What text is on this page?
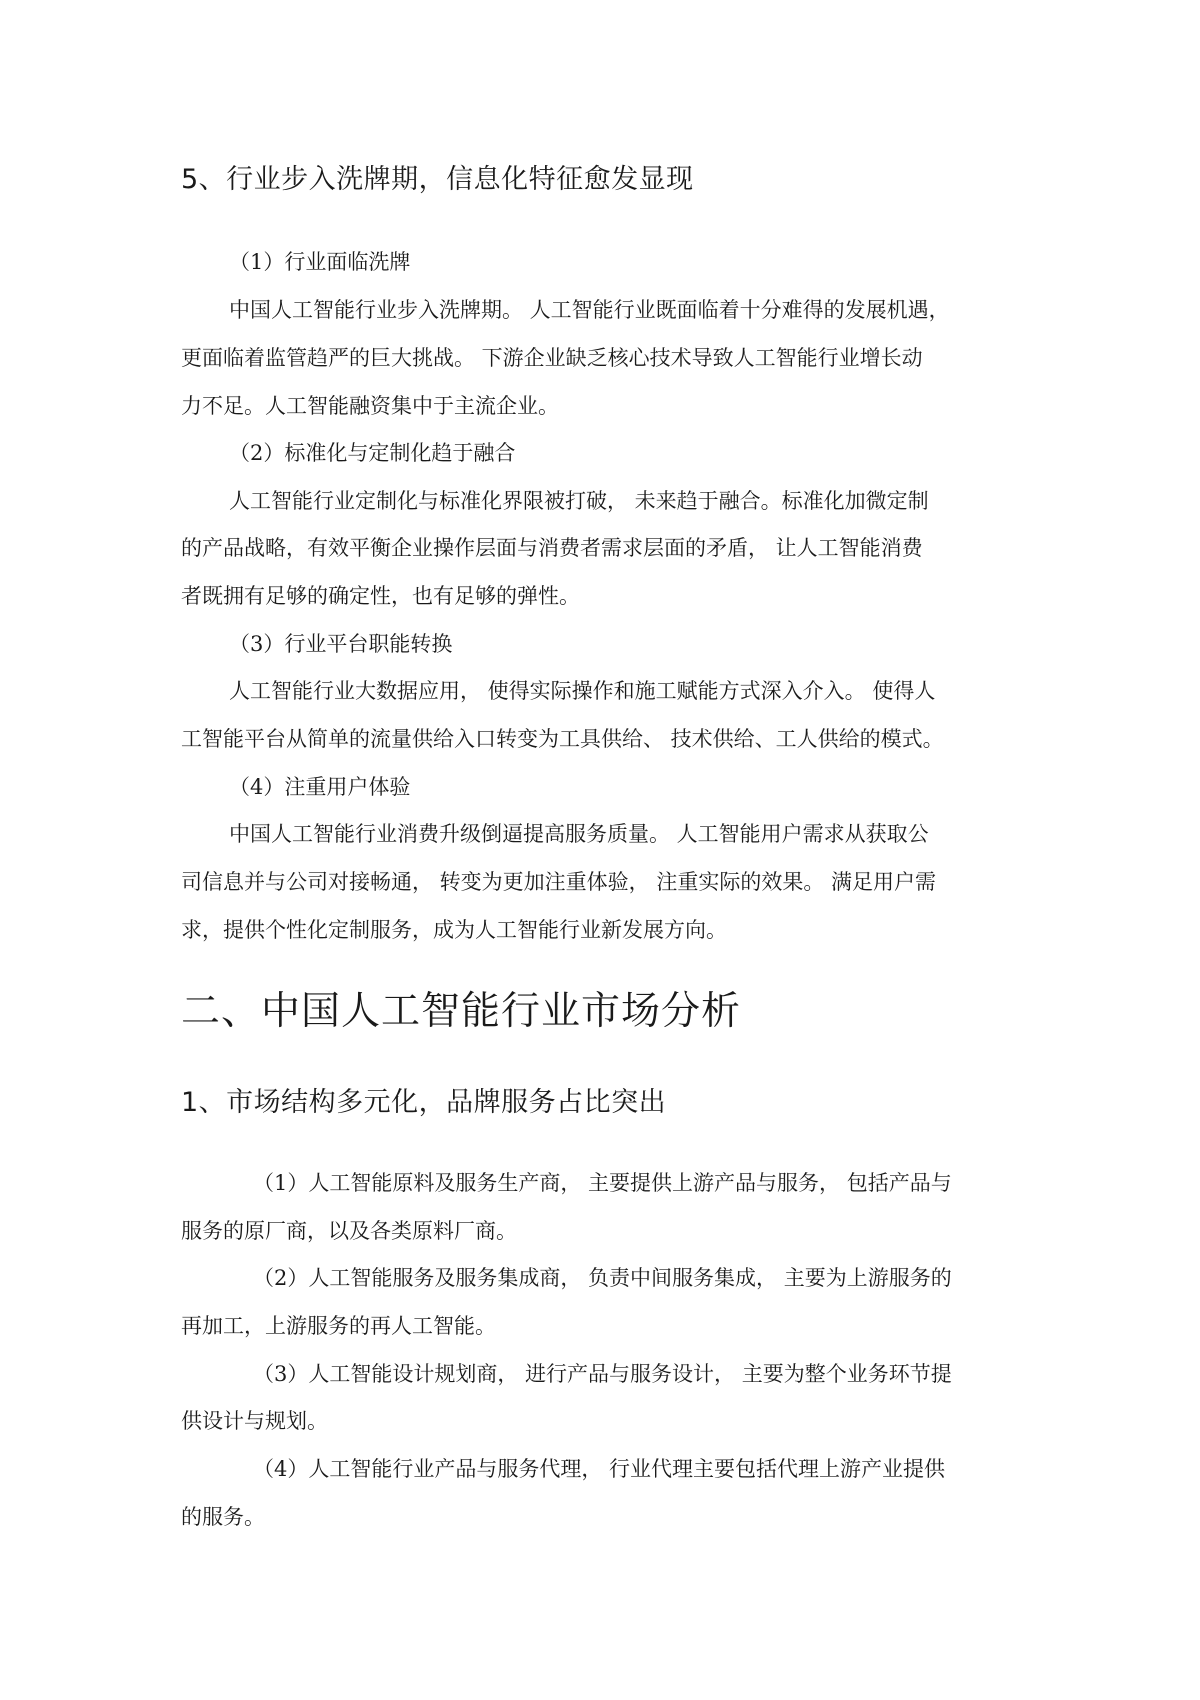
5、行业步入洗牌期，信息化特征愈发显现

（1）行业面临洗牌

中国人工智能行业步入洗牌期。 人工智能行业既面临着十分难得的发展机遇，

更面临着监管趋严的巨大挑战。 下游企业缺乏核心技术导致人工智能行业增长动

力不足。人工智能融资集中于主流企业。

（2）标准化与定制化趋于融合

人工智能行业定制化与标准化界限被打破， 未来趋于融合。标准化加微定制

的产品战略，有效平衡企业操作层面与消费者需求层面的矛盾， 让人工智能消费

者既拥有足够的确定性，也有足够的弹性。

（3）行业平台职能转换

人工智能行业大数据应用， 使得实际操作和施工赋能方式深入介入。 使得人

工智能平台从简单的流量供给入口转变为工具供给、 技术供给、工人供给的模式。

（4）注重用户体验

中国人工智能行业消费升级倒逼提高服务质量。 人工智能用户需求从获取公

司信息并与公司对接畅通， 转变为更加注重体验， 注重实际的效果。 满足用户需

求，提供个性化定制服务，成为人工智能行业新发展方向。

二、中国人工智能行业市场分析
1、市场结构多元化，品牌服务占比突出

（1）人工智能原料及服务生产商， 主要提供上游产品与服务， 包括产品与

服务的原厂商，以及各类原料厂商。

（2）人工智能服务及服务集成商， 负责中间服务集成， 主要为上游服务的

再加工，上游服务的再人工智能。

（3）人工智能设计规划商， 进行产品与服务设计， 主要为整个业务环节提

供设计与规划。

（4）人工智能行业产品与服务代理， 行业代理主要包括代理上游产业提供

的服务。
